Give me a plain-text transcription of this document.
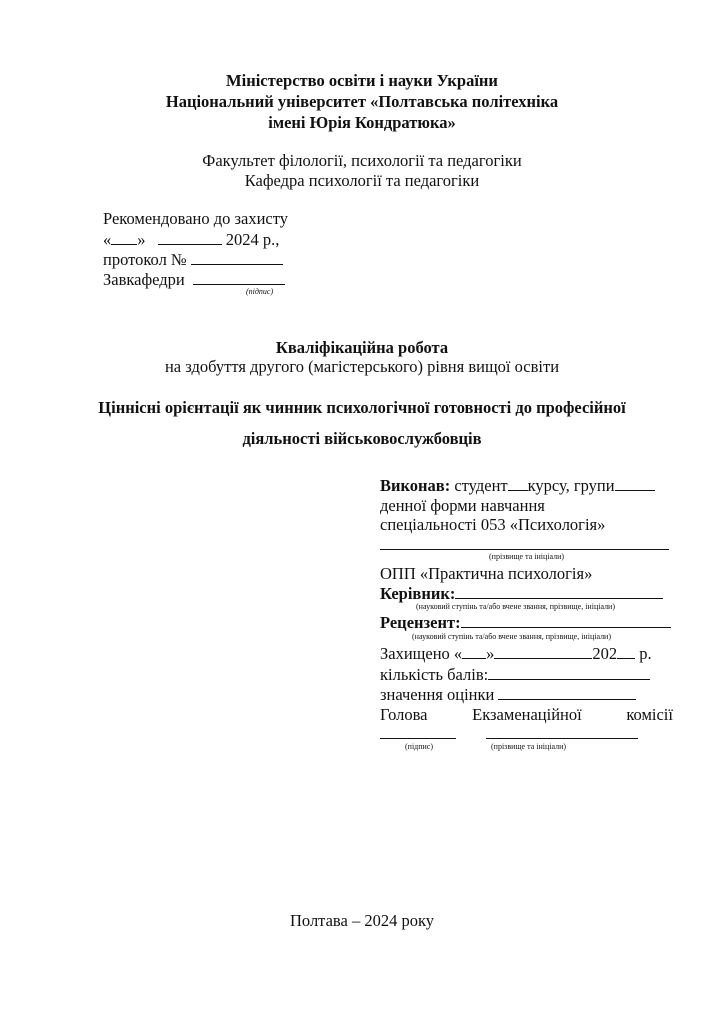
Міністерство освіти і науки України
Національний університет «Полтавська політехніка
імені Юрія Кондратюка»
Факультет філології, психології та педагогіки
Кафедра психології та педагогіки
Рекомендовано до захисту
« »	2024 р.,
протокол №
Завкафедри
(підпис)
Кваліфікаційна робота
на здобуття другого (магістерського) рівня вищої освіти
Ціннісні орієнтації як чинник психологічної готовності до професійної
діяльності військовослужбовців
Виконав: студент курсу, групи
денної форми навчання
спеціальності 053 «Психологія»
(прізвище та ініціали)
ОПП «Практична психологія»
Керівник:
(науковий ступінь та/або вчене звання, прізвище, ініціали)
Рецензент:
(науковий ступінь та/або вчене звання, прізвище, ініціали)
Захищено « »	202 р.
кількість балів:
значення оцінки
Голова	Екзаменаційної	комісії
(підпис)	(прізвище та ініціали)
Полтава – 2024 року
